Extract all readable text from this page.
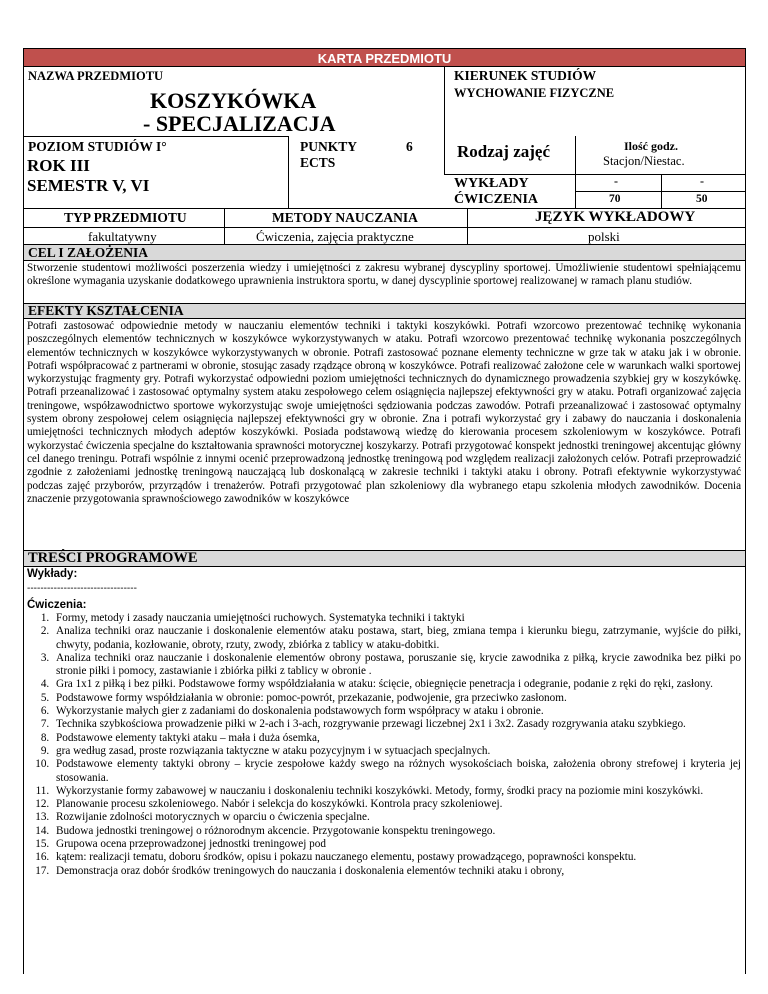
KARTA PRZEDMIOTU
NAZWA PRZEDMIOTU
KOSZYKÓWKA
- SPECJALIZACJA
KIERUNEK STUDIÓW
WYCHOWANIE FIZYCZNE
POZIOM STUDIÓW I°
ROK III
SEMESTR V, VI
PUNKTY
ECTS
6	Rodzaj zajęć	Ilość godz.
Stacjon/Niestac.
WYKŁADY	-	-
ĆWICZENIA	70	50
TYP PRZEDMIOTU
fakultatywny
METODY NAUCZANIA
Ćwiczenia, zajęcia praktyczne
JĘZYK WYKŁADOWY
polski
CEL I ZAŁOŻENIA
Stworzenie studentowi możliwości poszerzenia wiedzy i umiejętności z zakresu wybranej dyscypliny sportowej. Umożliwienie studentowi spełniającemu określone wymagania uzyskanie dodatkowego uprawnienia instruktora sportu, w danej dyscyplinie sportowej realizowanej w ramach planu studiów.
EFEKTY KSZTAŁCENIA
Potrafi zastosować odpowiednie metody w nauczaniu elementów techniki i taktyki koszykówki. Potrafi wzorcowo prezentować technikę wykonania poszczególnych elementów technicznych w koszykówce wykorzystywanych w ataku. Potrafi wzorcowo prezentować technikę wykonania poszczególnych elementów technicznych w koszykówce wykorzystywanych w obronie. Potrafi zastosować poznane elementy techniczne w grze tak w ataku jak i w obronie. Potrafi współpracować z partnerami w obronie, stosując zasady rządzące obroną w koszykówce. Potrafi realizować założone cele w warunkach walki sportowej wykorzystując fragmenty gry. Potrafi wykorzystać odpowiedni poziom umiejętności technicznych do dynamicznego prowadzenia szybkiej gry w koszykówkę. Potrafi przeanalizować i zastosować optymalny system ataku zespołowego celem osiągnięcia najlepszej efektywności gry w ataku. Potrafi organizować zajęcia treningowe, współzawodnictwo sportowe wykorzystując swoje umiejętności sędziowania podczas zawodów. Potrafi przeanalizować i zastosować optymalny system obrony zespołowej celem osiągnięcia najlepszej efektywności gry w obronie. Zna i potrafi wykorzystać gry i zabawy do nauczania i doskonalenia umiejętności technicznych młodych adeptów koszykówki. Posiada podstawową wiedzę do kierowania procesem szkoleniowym w koszykówce. Potrafi wykorzystać ćwiczenia specjalne do kształtowania sprawności motorycznej koszykarzy. Potrafi przygotować konspekt jednostki treningowej akcentując główny cel danego treningu. Potrafi wspólnie z innymi ocenić przeprowadzoną jednostkę treningową pod względem realizacji założonych celów. Potrafi przeprowadzić zgodnie z założeniami jednostkę treningową nauczającą lub doskonalącą w zakresie techniki i taktyki ataku i obrony. Potrafi efektywnie wykorzystywać podczas zajęć przyborów, przyrządów i trenażerów. Potrafi przygotować plan szkoleniowy dla wybranego etapu szkolenia młodych zawodników. Docenia znaczenie przygotowania sprawnościowego zawodników w koszykówce
TREŚCI PROGRAMOWE
Wykłady:
---------------------------------
Ćwiczenia:
1. Formy, metody i zasady nauczania umiejętności ruchowych. Systematyka techniki i taktyki
2. Analiza techniki oraz nauczanie i doskonalenie elementów ataku postawa, start, bieg, zmiana tempa i kierunku biegu, zatrzymanie, wyjście do piłki, chwyty, podania, kozłowanie, obroty, rzuty, zwody, zbiórka z tablicy w ataku-dobitki.
3. Analiza techniki oraz nauczanie i doskonalenie elementów obrony postawa, poruszanie się, krycie zawodnika z piłką, krycie zawodnika bez piłki po stronie piłki i pomocy, zastawianie i zbiórka piłki z tablicy w obronie .
4. Gra 1x1 z piłką i bez piłki. Podstawowe formy współdziałania w ataku: ścięcie, obiegnięcie penetracja i odegranie, podanie z ręki do ręki, zasłony.
5. Podstawowe formy współdziałania w obronie: pomoc-powrót, przekazanie, podwojenie, gra przeciwko zasłonom.
6. Wykorzystanie małych gier z zadaniami do doskonalenia podstawowych form współpracy w ataku i obronie.
7. Technika szybkościowa prowadzenie piłki w 2-ach i 3-ach, rozgrywanie przewagi liczebnej 2x1 i 3x2. Zasady rozgrywania ataku szybkiego.
8. Podstawowe elementy taktyki ataku – mała i duża ósemka,
9. gra według zasad, proste rozwiązania taktyczne w ataku pozycyjnym i w sytuacjach specjalnych.
10. Podstawowe elementy taktyki obrony – krycie zespołowe każdy swego na różnych wysokościach boiska, założenia obrony strefowej i kryteria jej stosowania.
11. Wykorzystanie formy zabawowej w nauczaniu i doskonaleniu techniki koszykówki. Metody, formy, środki pracy na poziomie mini koszykówki.
12. Planowanie procesu szkoleniowego. Nabór i selekcja do koszykówki. Kontrola pracy szkoleniowej.
13. Rozwijanie zdolności motorycznych w oparciu o ćwiczenia specjalne.
14. Budowa jednostki treningowej o różnorodnym akcencie. Przygotowanie konspektu treningowego.
15. Grupowa ocena przeprowadzonej jednostki treningowej pod
16. kątem: realizacji tematu, doboru środków, opisu i pokazu nauczanego elementu, postawy prowadzącego, poprawności konspektu.
17. Demonstracja oraz dobór środków treningowych do nauczania i doskonalenia elementów techniki ataku i obrony,
